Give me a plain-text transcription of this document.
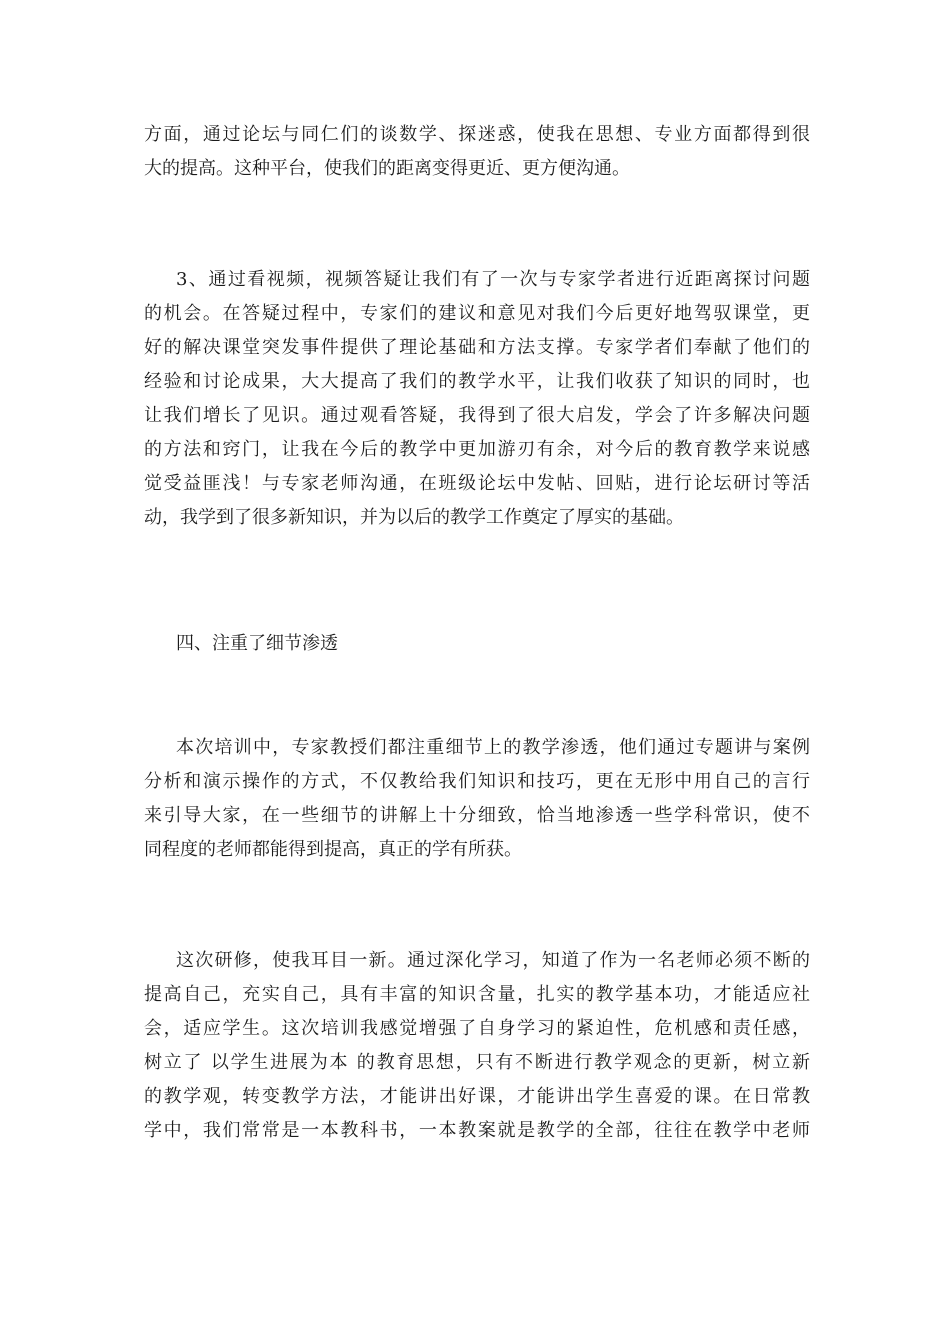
方面，通过论坛与同仁们的谈数学、探迷惑，使我在思想、专业方面都得到很
大的提高。这种平台，使我们的距离变得更近、更方便沟通。
3、通过看视频，视频答疑让我们有了一次与专家学者进行近距离探讨问题
的机会。在答疑过程中，专家们的建议和意见对我们今后更好地驾驭课堂，更
好的解决课堂突发事件提供了理论基础和方法支撑。专家学者们奉献了他们的
经验和讨论成果，大大提高了我们的教学水平，让我们收获了知识的同时，也
让我们增长了见识。通过观看答疑，我得到了很大启发，学会了许多解决问题
的方法和窍门，让我在今后的教学中更加游刃有余，对今后的教育教学来说感
觉受益匪浅！与专家老师沟通，在班级论坛中发帖、回贴，进行论坛研讨等活
动，我学到了很多新知识，并为以后的教学工作奠定了厚实的基础。
四、注重了细节渗透
本次培训中，专家教授们都注重细节上的教学渗透，他们通过专题讲与案例
分析和演示操作的方式，不仅教给我们知识和技巧，更在无形中用自己的言行
来引导大家，在一些细节的讲解上十分细致，恰当地渗透一些学科常识，使不
同程度的老师都能得到提高，真正的学有所获。
这次研修，使我耳目一新。通过深化学习，知道了作为一名老师必须不断的
提高自己，充实自己，具有丰富的知识含量，扎实的教学基本功，才能适应社
会，适应学生。这次培训我感觉增强了自身学习的紧迫性，危机感和责任感，
树立了 以学生进展为本 的教育思想，只有不断进行教学观念的更新，树立新
的教学观，转变教学方法，才能讲出好课，才能讲出学生喜爱的课。在日常教
学中，我们常常是一本教科书，一本教案就是教学的全部，往往在教学中老师
